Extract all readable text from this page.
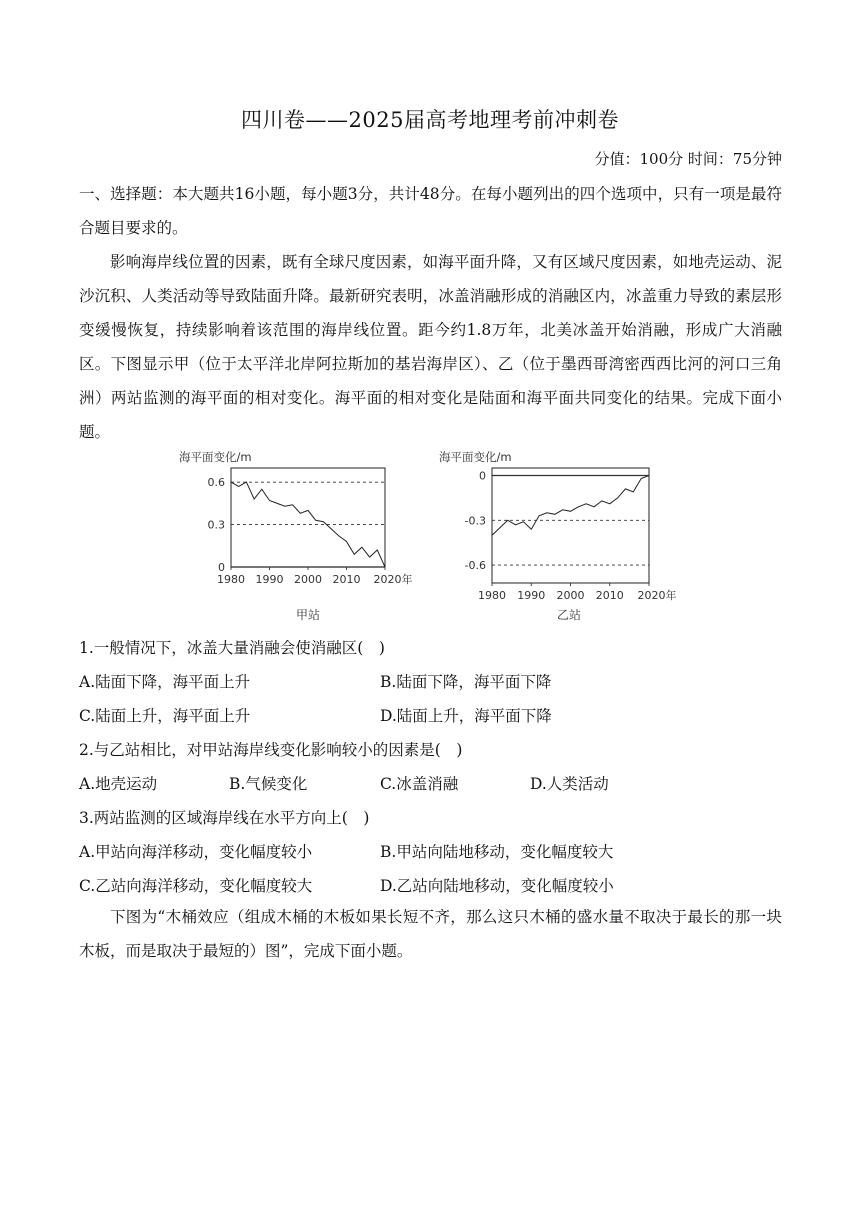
四川卷——2025届高考地理考前冲刺卷
分值：100分 时间：75分钟

一、选择题：本大题共16小题，每小题3分，共计48分。在每小题列出的四个选项中，只有一项是最符合题目要求的。

影响海岸线位置的因素，既有全球尺度因素，如海平面升降，又有区域尺度因素，如地壳运动、泥沙沉积、人类活动等导致陆面升降。最新研究表明，冰盖消融形成的消融区内，冰盖重力导致的素层形变缓慢恢复，持续影响着该范围的海岸线位置。距今约1.8万年，北美冰盖开始消融，形成广大消融区。下图显示甲（位于太平洋北岸阿拉斯加的基岩海岸区）、乙（位于墨西哥湾密西西比河的河口三角洲）两站监测的海平面的相对变化。海平面的相对变化是陆面和海平面共同变化的结果。完成下面小题。

海平面变化/m
0.6
0.3
0
1980 1990 2000 2010 2020年
甲站
海平面变化/m
0
-0.3
-0.6
1980 1990 2000 2010 2020年
乙站
1.一般情况下，冰盖大量消融会使消融区(　)
A.陆面下降，海平面上升	B.陆面下降，海平面下降
C.陆面上升，海平面上升	D.陆面上升，海平面下降
2.与乙站相比，对甲站海岸线变化影响较小的因素是(　)
A.地壳运动	B.气候变化	C.冰盖消融	D.人类活动
3.两站监测的区域海岸线在水平方向上(　)
A.甲站向海洋移动，变化幅度较小	B.甲站向陆地移动，变化幅度较大
C.乙站向海洋移动，变化幅度较大	D.乙站向陆地移动，变化幅度较小

下图为“木桶效应（组成木桶的木板如果长短不齐，那么这只木桶的盛水量不取决于最长的那一块木板，而是取决于最短的）图”，完成下面小题。
